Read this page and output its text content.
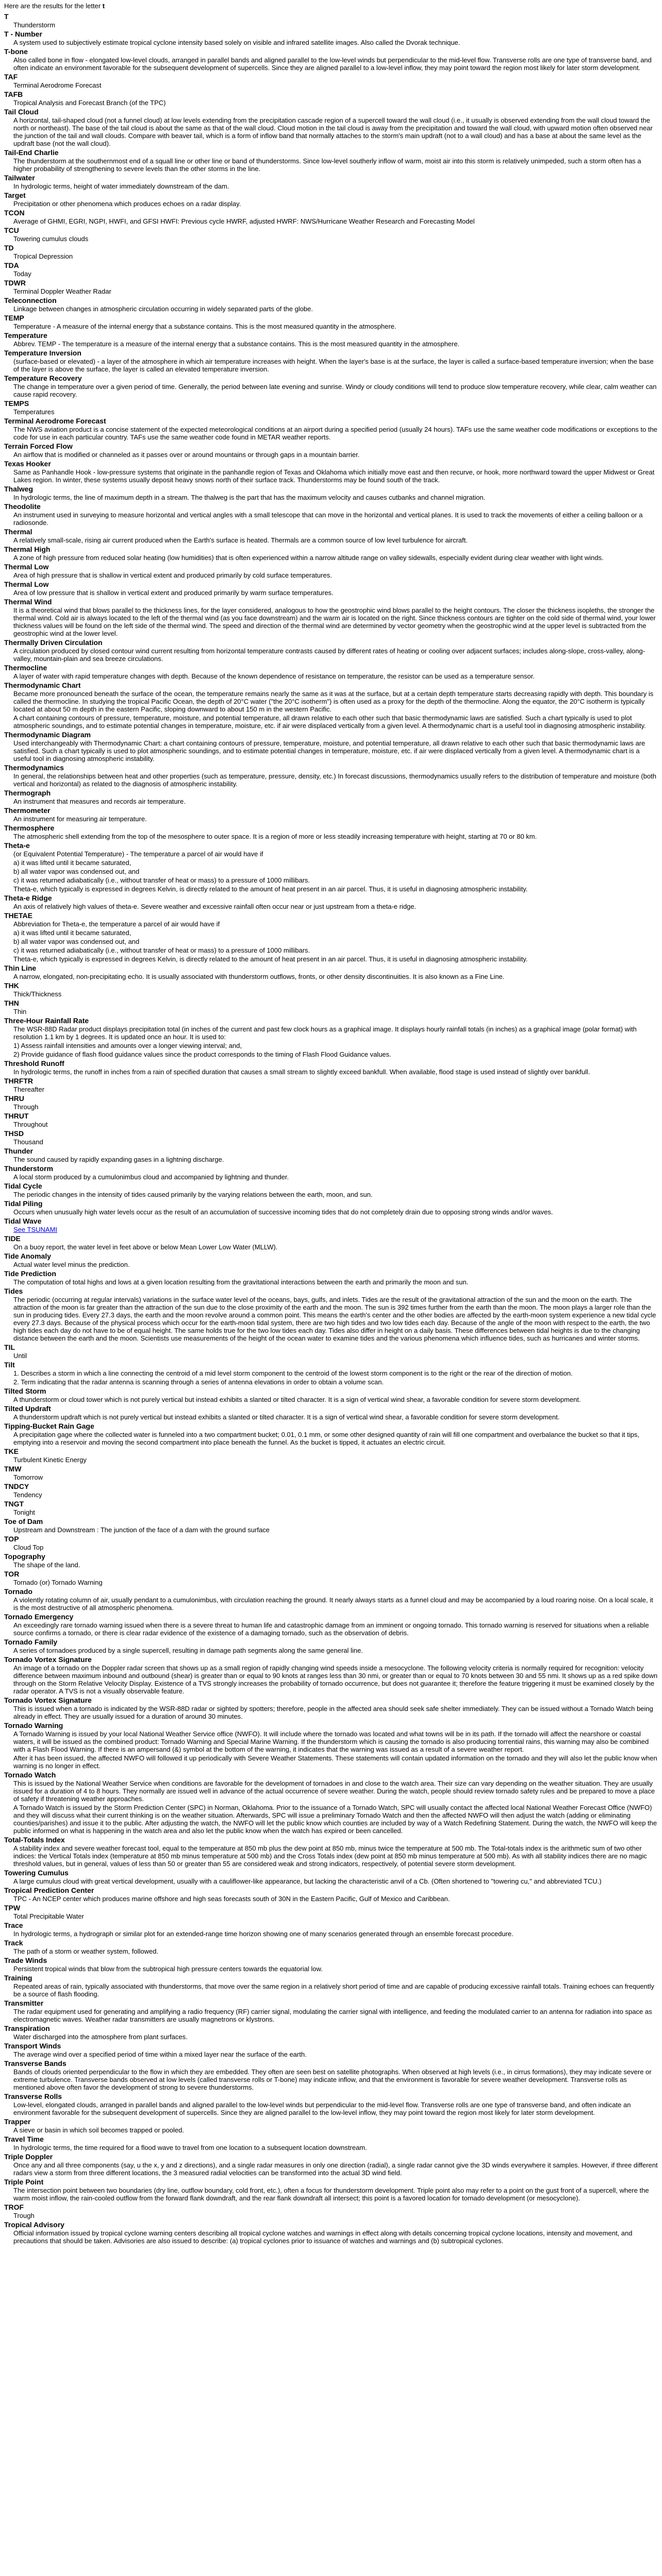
Here are the results for the letter t

T
Thunderstorm
T - Number
A system used to subjectively estimate tropical cyclone intensity based solely on visible and infrared satellite images. Also called the Dvorak technique.
T-bone
Also called bone in flow - elongated low-level clouds, arranged in parallel bands and aligned parallel to the low-level winds but perpendicular to the mid-level flow. Transverse rolls are one type of transverse band, and often indicate an environment favorable for the subsequent development of supercells. Since they are aligned parallel to a low-level inflow, they may point toward the region most likely for later storm development.
TAF
Terminal Aerodrome Forecast
TAFB
Tropical Analysis and Forecast Branch (of the TPC)
Tail Cloud
A horizontal, tail-shaped cloud (not a funnel cloud) at low levels extending from the precipitation cascade region of a supercell toward the wall cloud (i.e., it usually is observed extending from the wall cloud toward the north or northeast). The base of the tail cloud is about the same as that of the wall cloud. Cloud motion in the tail cloud is away from the precipitation and toward the wall cloud, with upward motion often observed near the junction of the tail and wall clouds. Compare with beaver tail, which is a form of inflow band that normally attaches to the storm's main updraft (not to a wall cloud) and has a base at about the same level as the updraft base (not the wall cloud).
Tail-End Charlie
The thunderstorm at the southernmost end of a squall line or other line or band of thunderstorms. Since low-level southerly inflow of warm, moist air into this storm is relatively unimpeded, such a storm often has a higher probability of strengthening to severe levels than the other storms in the line.
Tailwater
In hydrologic terms, height of water immediately downstream of the dam.
Target
Precipitation or other phenomena which produces echoes on a radar display.
TCON
Average of GHMI, EGRI, NGPI, HWFI, and GFSI HWFI: Previous cycle HWRF, adjusted HWRF: NWS/Hurricane Weather Research and Forecasting Model
TCU
Towering cumulus clouds
TD
Tropical Depression
TDA
Today
TDWR
Terminal Doppler Weather Radar
Teleconnection
Linkage between changes in atmospheric circulation occurring in widely separated parts of the globe.
TEMP
Temperature - A measure of the internal energy that a substance contains. This is the most measured quantity in the atmosphere.
Temperature
Abbrev. TEMP - The temperature is a measure of the internal energy that a substance contains. This is the most measured quantity in the atmosphere.
Temperature Inversion
(surface-based or elevated) - a layer of the atmosphere in which air temperature increases with height. When the layer's base is at the surface, the layer is called a surface-based temperature inversion; when the base of the layer is above the surface, the layer is called an elevated temperature inversion.
Temperature Recovery
The change in temperature over a given period of time. Generally, the period between late evening and sunrise. Windy or cloudy conditions will tend to produce slow temperature recovery, while clear, calm weather can cause rapid recovery.
TEMPS
Temperatures
Terminal Aerodrome Forecast
The NWS aviation product is a concise statement of the expected meteorological conditions at an airport during a specified period (usually 24 hours). TAFs use the same weather code modifications or exceptions to the code for use in each particular country. TAFs use the same weather code found in METAR weather reports.
Terrain Forced Flow
An airflow that is modified or channeled as it passes over or around mountains or through gaps in a mountain barrier.
Texas Hooker
Same as Panhandle Hook - low-pressure systems that originate in the panhandle region of Texas and Oklahoma which initially move east and then recurve, or hook, more northward toward the upper Midwest or Great Lakes region. In winter, these systems usually deposit heavy snows north of their surface track. Thunderstorms may be found south of the track.
Thalweg
In hydrologic terms, the line of maximum depth in a stream. The thalweg is the part that has the maximum velocity and causes cutbanks and channel migration.
Theodolite
An instrument used in surveying to measure horizontal and vertical angles with a small telescope that can move in the horizontal and vertical planes. It is used to track the movements of either a ceiling balloon or a radiosonde.
Thermal
A relatively small-scale, rising air current produced when the Earth's surface is heated. Thermals are a common source of low level turbulence for aircraft.
Thermal High
A zone of high pressure from reduced solar heating (low humidities) that is often experienced within a narrow altitude range on valley sidewalls, especially evident during clear weather with light winds.
Thermal Low
Area of high pressure that is shallow in vertical extent and produced primarily by cold surface temperatures.
Thermal Low
Area of low pressure that is shallow in vertical extent and produced primarily by warm surface temperatures.
Thermal Wind
It is a theoretical wind that blows parallel to the thickness lines, for the layer considered, analogous to how the geostrophic wind blows parallel to the height contours. The closer the thickness isopleths, the stronger the thermal wind. Cold air is always located to the left of the thermal wind (as you face downstream) and the warm air is located on the right. Since thickness contours are tighter on the cold side of thermal wind, your lower thickness values will be found on the left side of the thermal wind. The speed and direction of the thermal wind are determined by vector geometry when the geostrophic wind at the upper level is subtracted from the geostrophic wind at the lower level.
Thermally Driven Circulation
A circulation produced by closed contour wind current resulting from horizontal temperature contrasts caused by different rates of heating or cooling over adjacent surfaces; includes along-slope, cross-valley, along-valley, mountain-plain and sea breeze circulations.
Thermocline
A layer of water with rapid temperature changes with depth. Because of the known dependence of resistance on temperature, the resistor can be used as a temperature sensor.
Thermodynamic Chart
Became more pronounced beneath the surface of the ocean, the temperature remains nearly the same as it was at the surface, but at a certain depth temperature starts decreasing rapidly with depth. This boundary is called the thermocline. In studying the tropical Pacific Ocean, the depth of 20°C water ("the 20°C isotherm") is often used as a proxy for the depth of the thermocline. Along the equator, the 20°C isotherm is typically located at about 50 m depth in the eastern Pacific, sloping downward to about 150 m in the western Pacific.
A chart containing contours of pressure, temperature, moisture, and potential temperature, all drawn relative to each other such that basic thermodynamic laws are satisfied. Such a chart typically is used to plot atmospheric soundings, and to estimate potential changes in temperature, moisture, etc. if air were displaced vertically from a given level. A thermodynamic chart is a useful tool in diagnosing atmospheric instability.
Thermodynamic Diagram
Used interchangeably with Thermodynamic Chart: a chart containing contours of pressure, temperature, moisture, and potential temperature, all drawn relative to each other such that basic thermodynamic laws are satisfied. Such a chart typically is used to plot atmospheric soundings, and to estimate potential changes in temperature, moisture, etc. if air were displaced vertically from a given level. A thermodynamic chart is a useful tool in diagnosing atmospheric instability.
Thermodynamics
In general, the relationships between heat and other properties (such as temperature, pressure, density, etc.) In forecast discussions, thermodynamics usually refers to the distribution of temperature and moisture (both vertical and horizontal) as related to the diagnosis of atmospheric instability.
Thermograph
An instrument that measures and records air temperature.
Thermometer
An instrument for measuring air temperature.
Thermosphere
The atmospheric shell extending from the top of the mesosphere to outer space. It is a region of more or less steadily increasing temperature with height, starting at 70 or 80 km.
Theta-e
(or Equivalent Potential Temperature) - The temperature a parcel of air would have if
a) it was lifted until it became saturated,
b) all water vapor was condensed out, and
c) it was returned adiabatically (i.e., without transfer of heat or mass) to a pressure of 1000 millibars.
Theta-e, which typically is expressed in degrees Kelvin, is directly related to the amount of heat present in an air parcel. Thus, it is useful in diagnosing atmospheric instability.
Theta-e Ridge
An axis of relatively high values of theta-e. Severe weather and excessive rainfall often occur near or just upstream from a theta-e ridge.
THETAE
Abbreviation for Theta-e, the temperature a parcel of air would have if
a) it was lifted until it became saturated,
b) all water vapor was condensed out, and
c) it was returned adiabatically (i.e., without transfer of heat or mass) to a pressure of 1000 millibars.
Theta-e, which typically is expressed in degrees Kelvin, is directly related to the amount of heat present in an air parcel. Thus, it is useful in diagnosing atmospheric instability.
Thin Line
A narrow, elongated, non-precipitating echo. It is usually associated with thunderstorm outflows, fronts, or other density discontinuities. It is also known as a Fine Line.
THK
Thick/Thickness
THN
Thin
Three-Hour Rainfall Rate
The WSR-88D Radar product displays precipitation total (in inches of the current and past few clock hours as a graphical image. It displays hourly rainfall totals (in inches) as a graphical image (polar format) with resolution 1.1 km by 1 degrees. It is updated once an hour. It is used to:
1) Assess rainfall intensities and amounts over a longer viewing interval; and,
2) Provide guidance of flash flood guidance values since the product corresponds to the timing of Flash Flood Guidance values.
Threshold Runoff
In hydrologic terms, the runoff in inches from a rain of specified duration that causes a small stream to slightly exceed bankfull. When available, flood stage is used instead of slightly over bankfull.
THRFTR
Thereafter
THRU
Through
THRUT
Throughout
THSD
Thousand
Thunder
The sound caused by rapidly expanding gases in a lightning discharge.
Thunderstorm
A local storm produced by a cumulonimbus cloud and accompanied by lightning and thunder.
Tidal Cycle
The periodic changes in the intensity of tides caused primarily by the varying relations between the earth, moon, and sun.
Tidal Piling
Occurs when unusually high water levels occur as the result of an accumulation of successive incoming tides that do not completely drain due to opposing strong winds and/or waves.
Tidal Wave
See TSUNAMI
TIDE
On a buoy report, the water level in feet above or below Mean Lower Low Water (MLLW).
Tide Anomaly
Actual water level minus the prediction.
Tide Prediction
The computation of total highs and lows at a given location resulting from the gravitational interactions between the earth and primarily the moon and sun.
Tides
The periodic (occurring at regular intervals) variations in the surface water level of the oceans, bays, gulfs, and inlets. Tides are the result of the gravitational attraction of the sun and the moon on the earth. The attraction of the moon is far greater than the attraction of the sun due to the close proximity of the earth and the moon. The sun is 392 times further from the earth than the moon. The moon plays a larger role than the sun in producing tides. Every 27.3 days, the earth and the moon revolve around a common point. This means the earth's center and the other bodies are affected by the earth-moon system experience a new tidal cycle every 27.3 days. Because of the physical process which occur for the earth-moon tidal system, there are two high tides and two low tides each day. Because of the angle of the moon with respect to the earth, the two high tides each day do not have to be of equal height. The same holds true for the two low tides each day. Tides also differ in height on a daily basis. These differences between tidal heights is due to the changing distance between the earth and the moon. Scientists use measurements of the height of the ocean water to examine tides and the various phenomena which influence tides, such as hurricanes and winter storms.
TIL
Until
Tilt
1. Describes a storm in which a line connecting the centroid of a mid level storm component to the centroid of the lowest storm component is to the right or the rear of the direction of motion.
2. Term indicating that the radar antenna is scanning through a series of antenna elevations in order to obtain a volume scan.
Tilted Storm
A thunderstorm or cloud tower which is not purely vertical but instead exhibits a slanted or tilted character. It is a sign of vertical wind shear, a favorable condition for severe storm development.
Tilted Updraft
A thunderstorm updraft which is not purely vertical but instead exhibits a slanted or tilted character. It is a sign of vertical wind shear, a favorable condition for severe storm development.
Tipping-Bucket Rain Gage
A precipitation gage where the collected water is funneled into a two compartment bucket; 0.01, 0.1 mm, or some other designed quantity of rain will fill one compartment and overbalance the bucket so that it tips, emptying into a reservoir and moving the second compartment into place beneath the funnel. As the bucket is tipped, it actuates an electric circuit.
TKE
Turbulent Kinetic Energy
TMW
Tomorrow
TNDCY
Tendency
TNGT
Tonight
Toe of Dam
Upstream and Downstream : The junction of the face of a dam with the ground surface
TOP
Cloud Top
Topography
The shape of the land.
TOR
Tornado (or) Tornado Warning
Tornado
A violently rotating column of air, usually pendant to a cumulonimbus, with circulation reaching the ground. It nearly always starts as a funnel cloud and may be accompanied by a loud roaring noise. On a local scale, it is the most destructive of all atmospheric phenomena.
Tornado Emergency
An exceedingly rare tornado warning issued when there is a severe threat to human life and catastrophic damage from an imminent or ongoing tornado. This tornado warning is reserved for situations when a reliable source confirms a tornado, or there is clear radar evidence of the existence of a damaging tornado, such as the observation of debris.
Tornado Family
A series of tornadoes produced by a single supercell, resulting in damage path segments along the same general line.
Tornado Vortex Signature
An image of a tornado on the Doppler radar screen that shows up as a small region of rapidly changing wind speeds inside a mesocyclone. The following velocity criteria is normally required for recognition: velocity difference between maximum inbound and outbound (shear) is greater than or equal to 90 knots at ranges less than 30 nmi, or greater than or equal to 70 knots between 30 and 55 nmi. It shows up as a red spike down through on the Storm Relative Velocity Display. Existence of a TVS strongly increases the probability of tornado occurrence, but does not guarantee it; therefore the feature triggering it must be examined closely by the radar operator. A TVS is not a visually observable feature.
Tornado Vortex Signature
This is issued when a tornado is indicated by the WSR-88D radar or sighted by spotters; therefore, people in the affected area should seek safe shelter immediately. They can be issued without a Tornado Watch being already in effect. They are usually issued for a duration of around 30 minutes.
Tornado Warning
A Tornado Warning is issued by your local National Weather Service office (NWFO). It will include where the tornado was located and what towns will be in its path. If the tornado will affect the nearshore or coastal waters, it will be issued as the combined product: Tornado Warning and Special Marine Warning. If the thunderstorm which is causing the tornado is also producing torrential rains, this warning may also be combined with a Flash Flood Warning. If there is an ampersand (&) symbol at the bottom of the warning, it indicates that the warning was issued as a result of a severe weather report.
After it has been issued, the affected NWFO will followed it up periodically with Severe Weather Statements. These statements will contain updated information on the tornado and they will also let the public know when warning is no longer in effect.
Tornado Watch
This is issued by the National Weather Service when conditions are favorable for the development of tornadoes in and close to the watch area. Their size can vary depending on the weather situation. They are usually issued for a duration of 4 to 8 hours. They normally are issued well in advance of the actual occurrence of severe weather. During the watch, people should review tornado safety rules and be prepared to move a place of safety if threatening weather approaches.
A Tornado Watch is issued by the Storm Prediction Center (SPC) in Norman, Oklahoma. Prior to the issuance of a Tornado Watch, SPC will usually contact the affected local National Weather Forecast Office (NWFO) and they will discuss what their current thinking is on the weather situation. Afterwards, SPC will issue a preliminary Tornado Watch and then the affected NWFO will then adjust the watch (adding or eliminating counties/parishes) and issue it to the public. After adjusting the watch, the NWFO will let the public know which counties are included by way of a Watch Redefining Statement. During the watch, the NWFO will keep the public informed on what is happening in the watch area and also let the public know when the watch has expired or been cancelled.
Total-Totals Index
A stability index and severe weather forecast tool, equal to the temperature at 850 mb plus the dew point at 850 mb, minus twice the temperature at 500 mb. The Total-totals index is the arithmetic sum of two other indices: the Vertical Totals index (temperature at 850 mb minus temperature at 500 mb) and the Cross Totals index (dew point at 850 mb minus temperature at 500 mb). As with all stability indices there are no magic threshold values, but in general, values of less than 50 or greater than 55 are considered weak and strong indicators, respectively, of potential severe storm development.
Towering Cumulus
A large cumulus cloud with great vertical development, usually with a cauliflower-like appearance, but lacking the characteristic anvil of a Cb. (Often shortened to "towering cu," and abbreviated TCU.)
Tropical Prediction Center
TPC - An NCEP center which produces marine offshore and high seas forecasts south of 30N in the Eastern Pacific, Gulf of Mexico and Caribbean.
TPW
Total Precipitable Water
Trace
In hydrologic terms, a hydrograph or similar plot for an extended-range time horizon showing one of many scenarios generated through an ensemble forecast procedure.
Track
The path of a storm or weather system, followed.
Trade Winds
Persistent tropical winds that blow from the subtropical high pressure centers towards the equatorial low.
Training
Repeated areas of rain, typically associated with thunderstorms, that move over the same region in a relatively short period of time and are capable of producing excessive rainfall totals. Training echoes can frequently be a source of flash flooding.
Transmitter
The radar equipment used for generating and amplifying a radio frequency (RF) carrier signal, modulating the carrier signal with intelligence, and feeding the modulated carrier to an antenna for radiation into space as electromagnetic waves. Weather radar transmitters are usually magnetrons or klystrons.
Transpiration
Water discharged into the atmosphere from plant surfaces.
Transport Winds
The average wind over a specified period of time within a mixed layer near the surface of the earth.
Transverse Bands
Bands of clouds oriented perpendicular to the flow in which they are embedded. They often are seen best on satellite photographs. When observed at high levels (i.e., in cirrus formations), they may indicate severe or extreme turbulence. Transverse bands observed at low levels (called transverse rolls or T-bone) may indicate inflow, and that the environment is favorable for severe weather development. Transverse rolls as mentioned above often favor the development of strong to severe thunderstorms.
Transverse Rolls
Low-level, elongated clouds, arranged in parallel bands and aligned parallel to the low-level winds but perpendicular to the mid-level flow. Transverse rolls are one type of transverse band, and often indicate an environment favorable for the subsequent development of supercells. Since they are aligned parallel to the low-level inflow, they may point toward the region most likely for later storm development.
Trapper
A sieve or basin in which soil becomes trapped or pooled.
Travel Time
In hydrologic terms, the time required for a flood wave to travel from one location to a subsequent location downstream.
Triple Doppler
Once any and all three components (say, u the x, y and z directions), and a single radar measures in only one direction (radial), a single radar cannot give the 3D winds everywhere it samples. However, if three different radars view a storm from three different locations, the 3 measured radial velocities can be transformed into the actual 3D wind field.
Triple Point
The intersection point between two boundaries (dry line, outflow boundary, cold front, etc.), often a focus for thunderstorm development. Triple point also may refer to a point on the gust front of a supercell, where the warm moist inflow, the rain-cooled outflow from the forward flank downdraft, and the rear flank downdraft all intersect; this point is a favored location for tornado development (or mesocyclone).
TROF
Trough
Tropical Advisory
Official information issued by tropical cyclone warning centers describing all tropical cyclone watches and warnings in effect along with details concerning tropical cyclone locations, intensity and movement, and precautions that should be taken. Advisories are also issued to describe: (a) tropical cyclones prior to issuance of watches and warnings and (b) subtropical cyclones.
